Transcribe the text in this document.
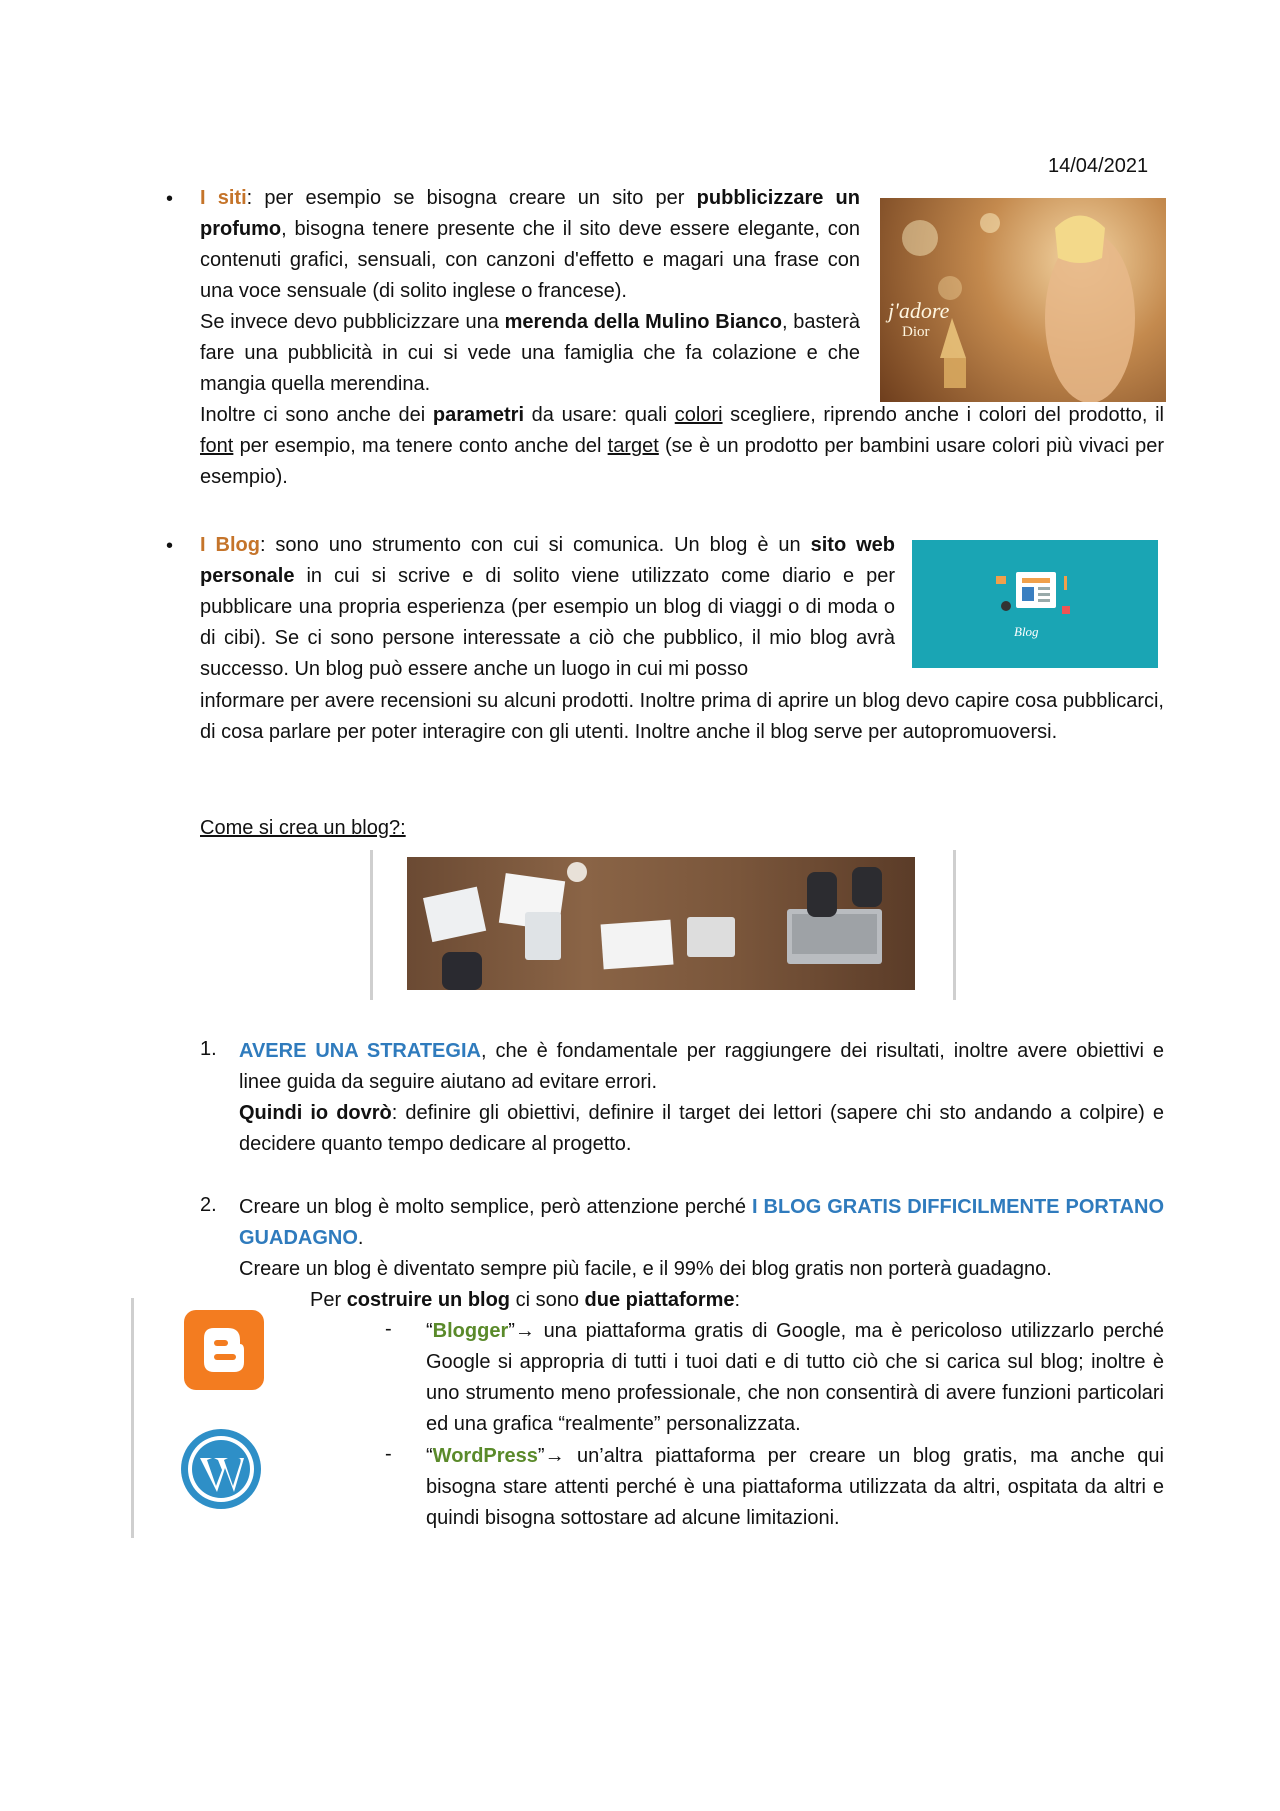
14/04/2021
• I siti: per esempio se bisogna creare un sito per pubblicizzare un profumo, bisogna tenere presente che il sito deve essere elegante, con contenuti grafici, sensuali, con canzoni d'effetto e magari una frase con una voce sensuale (di solito inglese o francese).
Se invece devo pubblicizzare una merenda della Mulino Bianco, basterà fare una pubblicità in cui si vede una famiglia che fa colazione e che mangia quella merendina.
Inoltre ci sono anche dei parametri da usare: quali colori scegliere, riprendo anche i colori del prodotto, il font per esempio, ma tenere conto anche del target (se è un prodotto per bambini usare colori più vivaci per esempio).
j'adore
Dior
• I Blog: sono uno strumento con cui si comunica. Un blog è un sito web personale in cui si scrive e di solito viene utilizzato come diario e per pubblicare una propria esperienza (per esempio un blog di viaggi o di moda o di cibi). Se ci sono persone interessate a ciò che pubblico, il mio blog avrà successo. Un blog può essere anche un luogo in cui mi posso
informare per avere recensioni su alcuni prodotti. Inoltre prima di aprire un blog devo capire cosa pubblicarci, di cosa parlare per poter interagire con gli utenti. Inoltre anche il blog serve per autopromuoversi.
Blog
Come si crea un blog?:
1. AVERE UNA STRATEGIA, che è fondamentale per raggiungere dei risultati, inoltre avere obiettivi e linee guida da seguire aiutano ad evitare errori.
Quindi io dovrò: definire gli obiettivi, definire il target dei lettori (sapere chi sto andando a colpire) e decidere quanto tempo dedicare al progetto.
2. Creare un blog è molto semplice, però attenzione perché I BLOG GRATIS DIFFICILMENTE PORTANO GUADAGNO.
Creare un blog è diventato sempre più facile, e il 99% dei blog gratis non porterà guadagno.
Per costruire un blog ci sono due piattaforme:
- “Blogger”→ una piattaforma gratis di Google, ma è pericoloso utilizzarlo perché Google si appropria di tutti i tuoi dati e di tutto ciò che si carica sul blog; inoltre è uno strumento meno professionale, che non consentirà di avere funzioni particolari ed una grafica “realmente” personalizzata.
- “WordPress”→ un’altra piattaforma per creare un blog gratis, ma anche qui bisogna stare attenti perché è una piattaforma utilizzata da altri, ospitata da altri e quindi bisogna sottostare ad alcune limitazioni.
